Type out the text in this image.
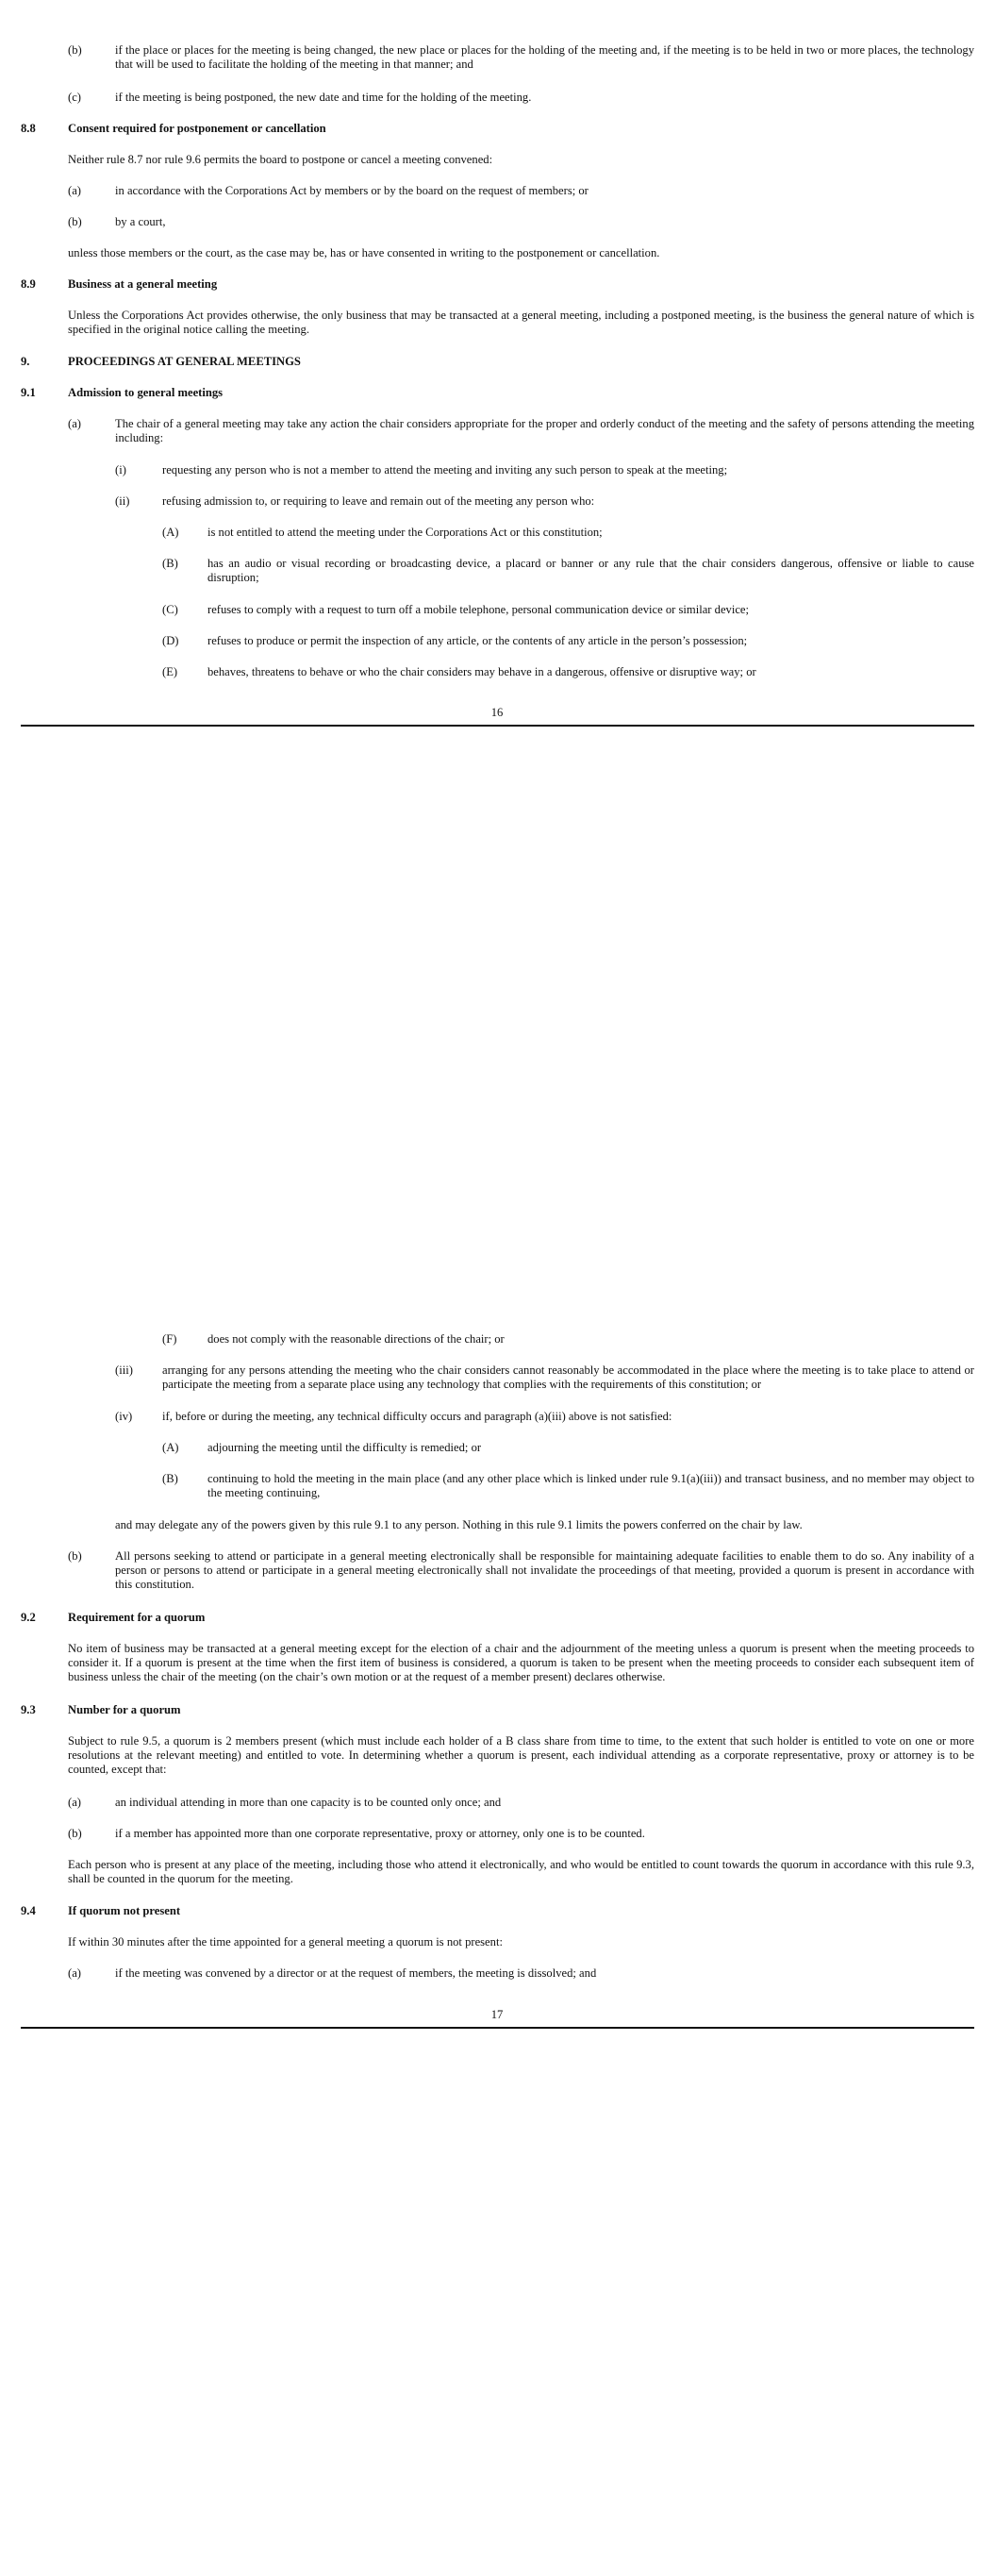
(b)	if the place or places for the meeting is being changed, the new place or places for the holding of the meeting and, if the meeting is to be held in two or more places, the technology that will be used to facilitate the holding of the meeting in that manner; and
(c)	if the meeting is being postponed, the new date and time for the holding of the meeting.
8.8	Consent required for postponement or cancellation
Neither rule 8.7 nor rule 9.6 permits the board to postpone or cancel a meeting convened:
(a)	in accordance with the Corporations Act by members or by the board on the request of members; or
(b)	by a court,
unless those members or the court, as the case may be, has or have consented in writing to the postponement or cancellation.
8.9	Business at a general meeting
Unless the Corporations Act provides otherwise, the only business that may be transacted at a general meeting, including a postponed meeting, is the business the general nature of which is specified in the original notice calling the meeting.
9.	PROCEEDINGS AT GENERAL MEETINGS
9.1	Admission to general meetings
(a)	The chair of a general meeting may take any action the chair considers appropriate for the proper and orderly conduct of the meeting and the safety of persons attending the meeting including:
(i)	requesting any person who is not a member to attend the meeting and inviting any such person to speak at the meeting;
(ii)	refusing admission to, or requiring to leave and remain out of the meeting any person who:
(A) is not entitled to attend the meeting under the Corporations Act or this constitution;
(B) has an audio or visual recording or broadcasting device, a placard or banner or any rule that the chair considers dangerous, offensive or liable to cause disruption;
(C) refuses to comply with a request to turn off a mobile telephone, personal communication device or similar device;
(D) refuses to produce or permit the inspection of any article, or the contents of any article in the person’s possession;
(E)	behaves, threatens to behave or who the chair considers may behave in a dangerous, offensive or disruptive way; or
16
(F)	does not comply with the reasonable directions of the chair; or
(iii) arranging for any persons attending the meeting who the chair considers cannot reasonably be accommodated in the place where the meeting is to take place to attend or participate the meeting from a separate place using any technology that complies with the requirements of this constitution; or
(iv)	if, before or during the meeting, any technical difficulty occurs and paragraph (a)(iii) above is not satisfied:
(A) adjourning the meeting until the difficulty is remedied; or
(B) continuing to hold the meeting in the main place (and any other place which is linked under rule 9.1(a)(iii)) and transact business, and no member may object to the meeting continuing,
and may delegate any of the powers given by this rule 9.1 to any person. Nothing in this rule 9.1 limits the powers conferred on the chair by law.
(b)	All persons seeking to attend or participate in a general meeting electronically shall be responsible for maintaining adequate facilities to enable them to do so. Any inability of a person or persons to attend or participate in a general meeting electronically shall not invalidate the proceedings of that meeting, provided a quorum is present in accordance with this constitution.
9.2	Requirement for a quorum
No item of business may be transacted at a general meeting except for the election of a chair and the adjournment of the meeting unless a quorum is present when the meeting proceeds to consider it. If a quorum is present at the time when the first item of business is considered, a quorum is taken to be present when the meeting proceeds to consider each subsequent item of business unless the chair of the meeting (on the chair’s own motion or at the request of a member present) declares otherwise.
9.3	Number for a quorum
Subject to rule 9.5, a quorum is 2 members present (which must include each holder of a B class share from time to time, to the extent that such holder is entitled to vote on one or more resolutions at the relevant meeting) and entitled to vote. In determining whether a quorum is present, each individual attending as a corporate representative, proxy or attorney is to be counted, except that:
(a)	an individual attending in more than one capacity is to be counted only once; and
(b)	if a member has appointed more than one corporate representative, proxy or attorney, only one is to be counted.
Each person who is present at any place of the meeting, including those who attend it electronically, and who would be entitled to count towards the quorum in accordance with this rule 9.3, shall be counted in the quorum for the meeting.
9.4	If quorum not present
If within 30 minutes after the time appointed for a general meeting a quorum is not present:
(a)	if the meeting was convened by a director or at the request of members, the meeting is dissolved; and
17
